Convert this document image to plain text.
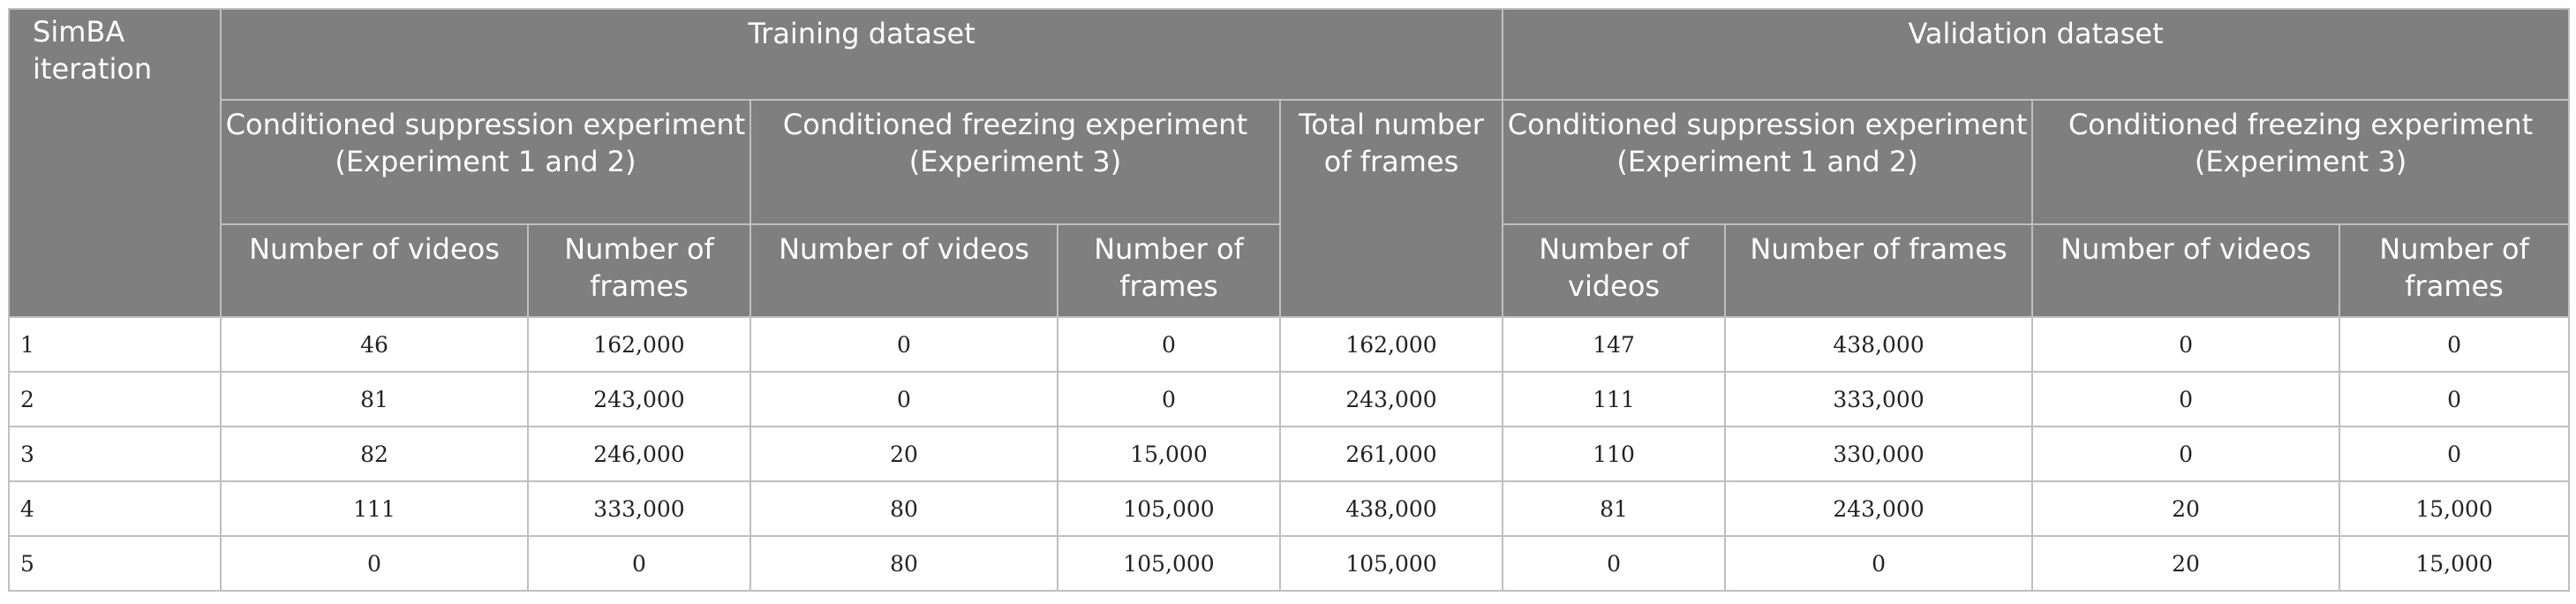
SimBA iteration	Training dataset					Validation dataset			
	Conditioned suppression experiment (Experiment 1 and 2)		Conditioned freezing experiment (Experiment 3)		Total number of frames	Conditioned suppression experiment (Experiment 1 and 2)		Conditioned freezing experiment (Experiment 3)	
	Number of videos	Number of frames	Number of videos	Number of frames		Number of videos	Number of frames	Number of videos	Number of frames
1	46	162,000	0	0	162,000	147	438,000	0	0
2	81	243,000	0	0	243,000	111	333,000	0	0
3	82	246,000	20	15,000	261,000	110	330,000	0	0
4	111	333,000	80	105,000	438,000	81	243,000	20	15,000
5	0	0	80	105,000	105,000	0	0	20	15,000
